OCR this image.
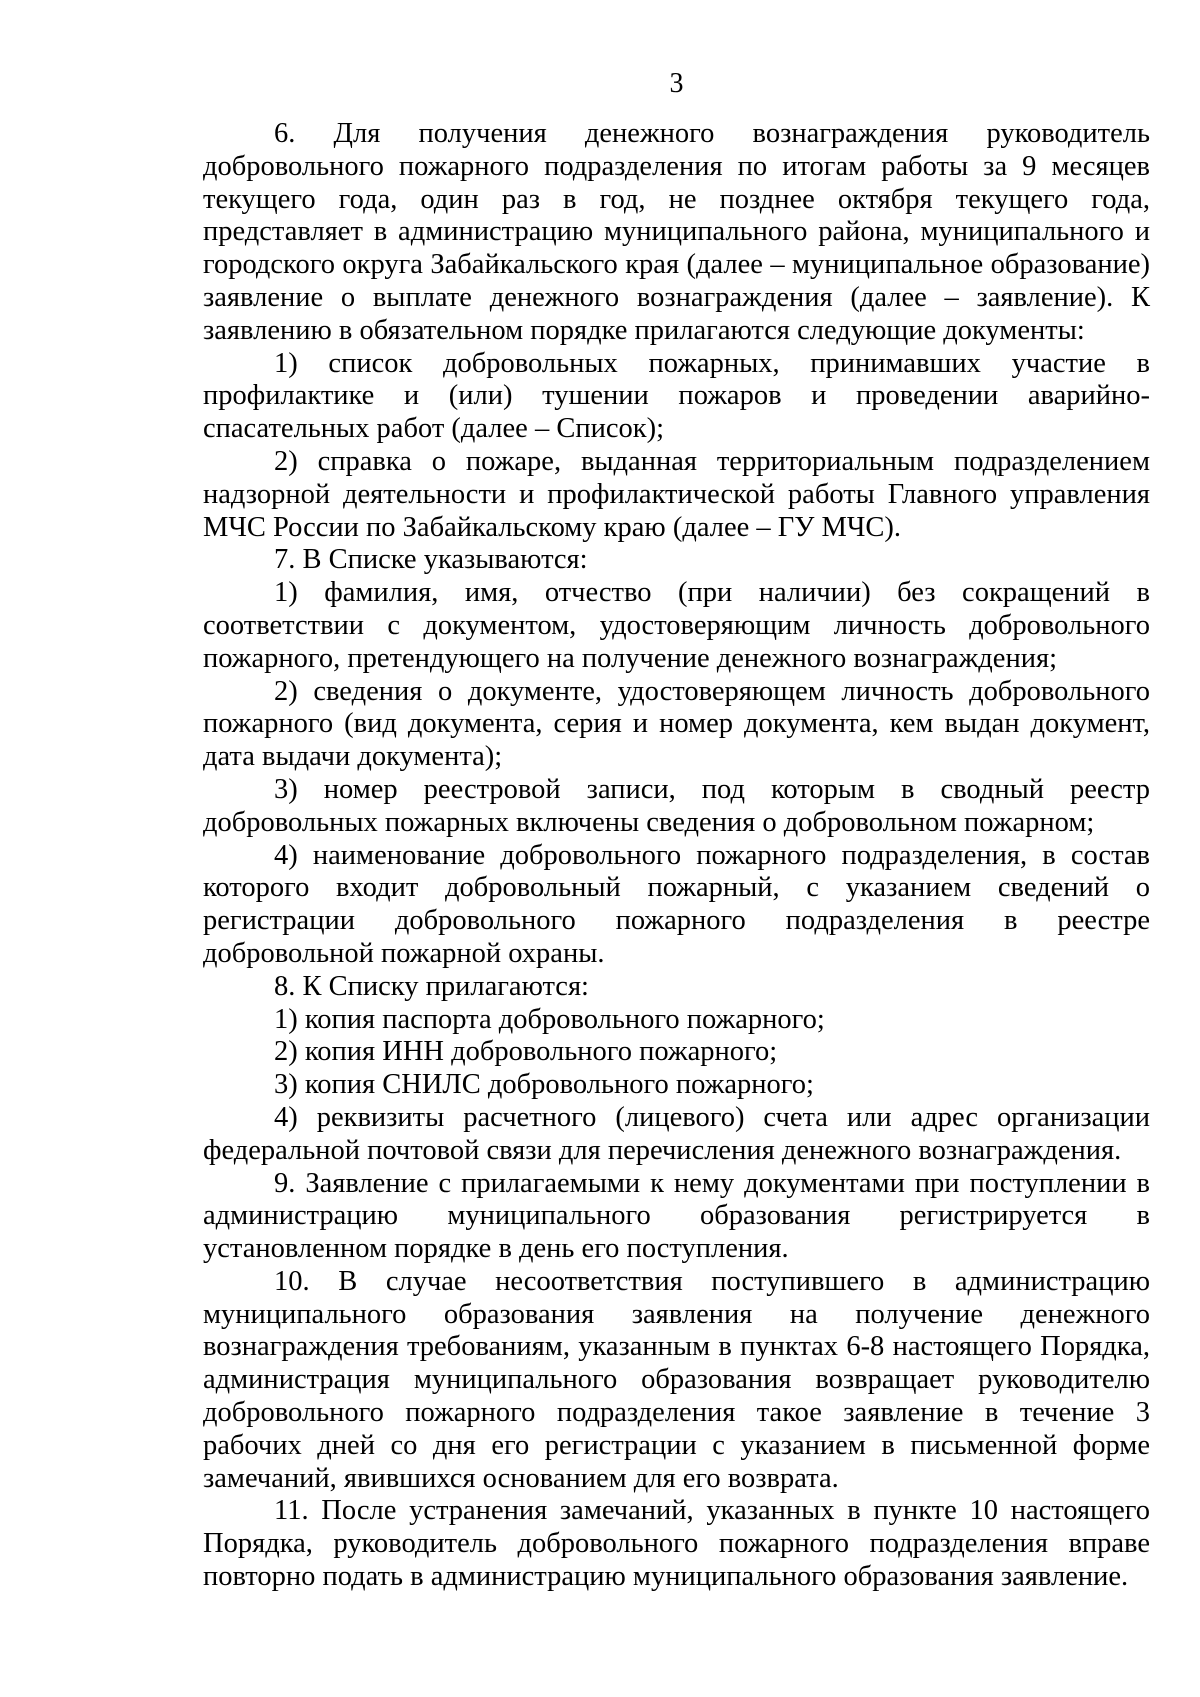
3

6. Для получения денежного вознаграждения руководитель добровольного пожарного подразделения по итогам работы за 9 месяцев текущего года, один раз в год, не позднее октября текущего года, представляет в администрацию муниципального района, муниципального и городского округа Забайкальского края (далее – муниципальное образование) заявление о выплате денежного вознаграждения (далее – заявление). К заявлению в обязательном порядке прилагаются следующие документы:

1) список добровольных пожарных, принимавших участие в профилактике и (или) тушении пожаров и проведении аварийно-спасательных работ (далее – Список);

2) справка о пожаре, выданная территориальным подразделением надзорной деятельности и профилактической работы Главного управления МЧС России по Забайкальскому краю (далее – ГУ МЧС).

7. В Списке указываются:

1) фамилия, имя, отчество (при наличии) без сокращений в соответствии с документом, удостоверяющим личность добровольного пожарного, претендующего на получение денежного вознаграждения;

2) сведения о документе, удостоверяющем личность добровольного пожарного (вид документа, серия и номер документа, кем выдан документ, дата выдачи документа);

3) номер реестровой записи, под которым в сводный реестр добровольных пожарных включены сведения о добровольном пожарном;

4) наименование добровольного пожарного подразделения, в состав которого входит добровольный пожарный, с указанием сведений о регистрации добровольного пожарного подразделения в реестре добровольной пожарной охраны.

8. К Списку прилагаются:

1) копия паспорта добровольного пожарного;

2) копия ИНН добровольного пожарного;

3) копия СНИЛС добровольного пожарного;

4) реквизиты расчетного (лицевого) счета или адрес организации федеральной почтовой связи для перечисления денежного вознаграждения.

9. Заявление с прилагаемыми к нему документами при поступлении в администрацию муниципального образования регистрируется в установленном порядке в день его поступления.

10. В случае несоответствия поступившего в администрацию муниципального образования заявления на получение денежного вознаграждения требованиям, указанным в пунктах 6-8 настоящего Порядка, администрация муниципального образования возвращает руководителю добровольного пожарного подразделения такое заявление в течение 3 рабочих дней со дня его регистрации с указанием в письменной форме замечаний, явившихся основанием для его возврата.

11. После устранения замечаний, указанных в пункте 10 настоящего Порядка, руководитель добровольного пожарного подразделения вправе повторно подать в администрацию муниципального образования заявление.
